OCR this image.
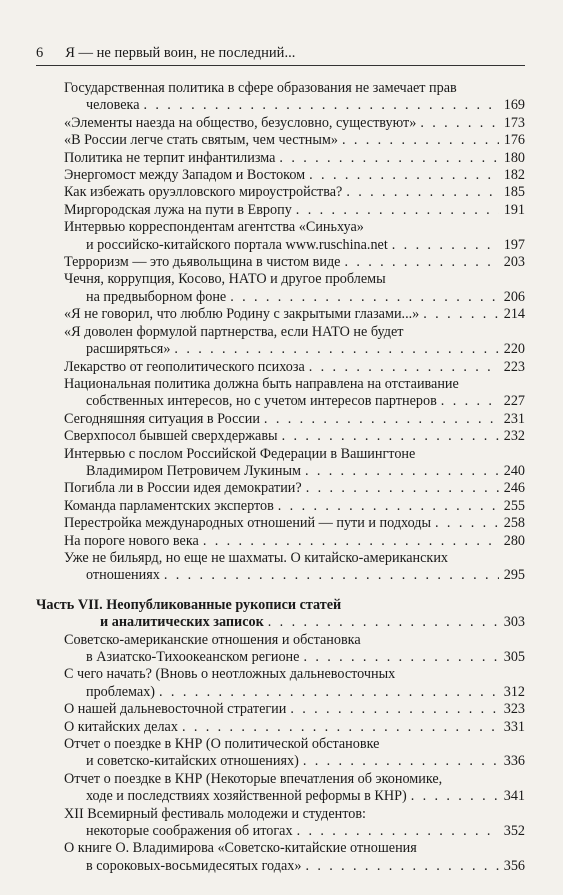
6 Я — не первый воин, не последний...
Государственная политика в сфере образования не замечает прав
человека . . .	169
«Элементы наезда на общество, безусловно, существуют» . . .	173
«В России легче стать святым, чем честным» . . .	176
Политика не терпит инфантилизма . . .	180
Энергомост между Западом и Востоком . . .	182
Как избежать оруэлловского мироустройства? . . .	185
Миргородская лужа на пути в Европу . . .	191
Интервью корреспондентам агентства «Синьхуа»
и российско-китайского портала www.ruschina.net . . .	197
Терроризм — это дьявольщина в чистом виде . . .	203
Чечня, коррупция, Косово, НАТО и другое проблемы
на предвыборном фоне . . .	206
«Я не говорил, что люблю Родину с закрытыми глазами...» . . .	214
«Я доволен формулой партнерства, если НАТО не будет
расширяться» . . .	220
Лекарство от геополитического психоза . . .	223
Национальная политика должна быть направлена на отстаивание
собственных интересов, но с учетом интересов партнеров . . .	227
Сегодняшняя ситуация в России . . .	231
Сверхпосол бывшей сверхдержавы . . .	232
Интервью с послом Российской Федерации в Вашингтоне
Владимиром Петровичем Лукиным . . .	240
Погибла ли в России идея демократии? . . .	246
Команда парламентских экспертов . . .	255
Перестройка международных отношений — пути и подходы . . .	258
На пороге нового века . . .	280
Уже не бильярд, но еще не шахматы. О китайско-американских
отношениях . . .	295
Часть VII. Неопубликованные рукописи статей
и аналитических записок . . .	303
Советско-американские отношения и обстановка
в Азиатско-Тихоокеанском регионе . . .	305
С чего начать? (Вновь о неотложных дальневосточных
проблемах) . . .	312
О нашей дальневосточной стратегии . . .	323
О китайских делах . . .	331
Отчет о поездке в КНР (О политической обстановке
и советско-китайских отношениях) . . .	336
Отчет о поездке в КНР (Некоторые впечатления об экономике,
ходе и последствиях хозяйственной реформы в КНР) . . .	341
XII Всемирный фестиваль молодежи и студентов:
некоторые соображения об итогах . . .	352
О книге О. Владимирова «Советско-китайские отношения
в сороковых-восьмидесятых годах» . . .	356
